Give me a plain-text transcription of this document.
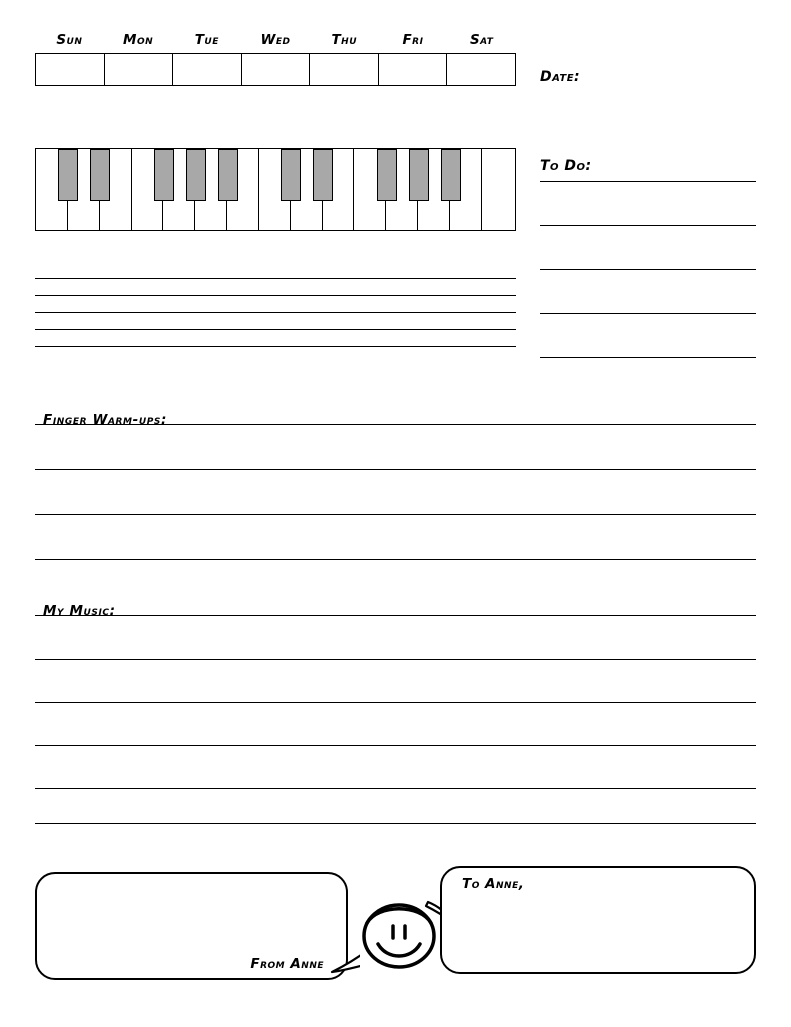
Sun	Mon	Tue	Wed	Thu	Fri	Sat
Date:
To Do:
Finger Warm-ups:
My Music:
From Anne
To Anne,
